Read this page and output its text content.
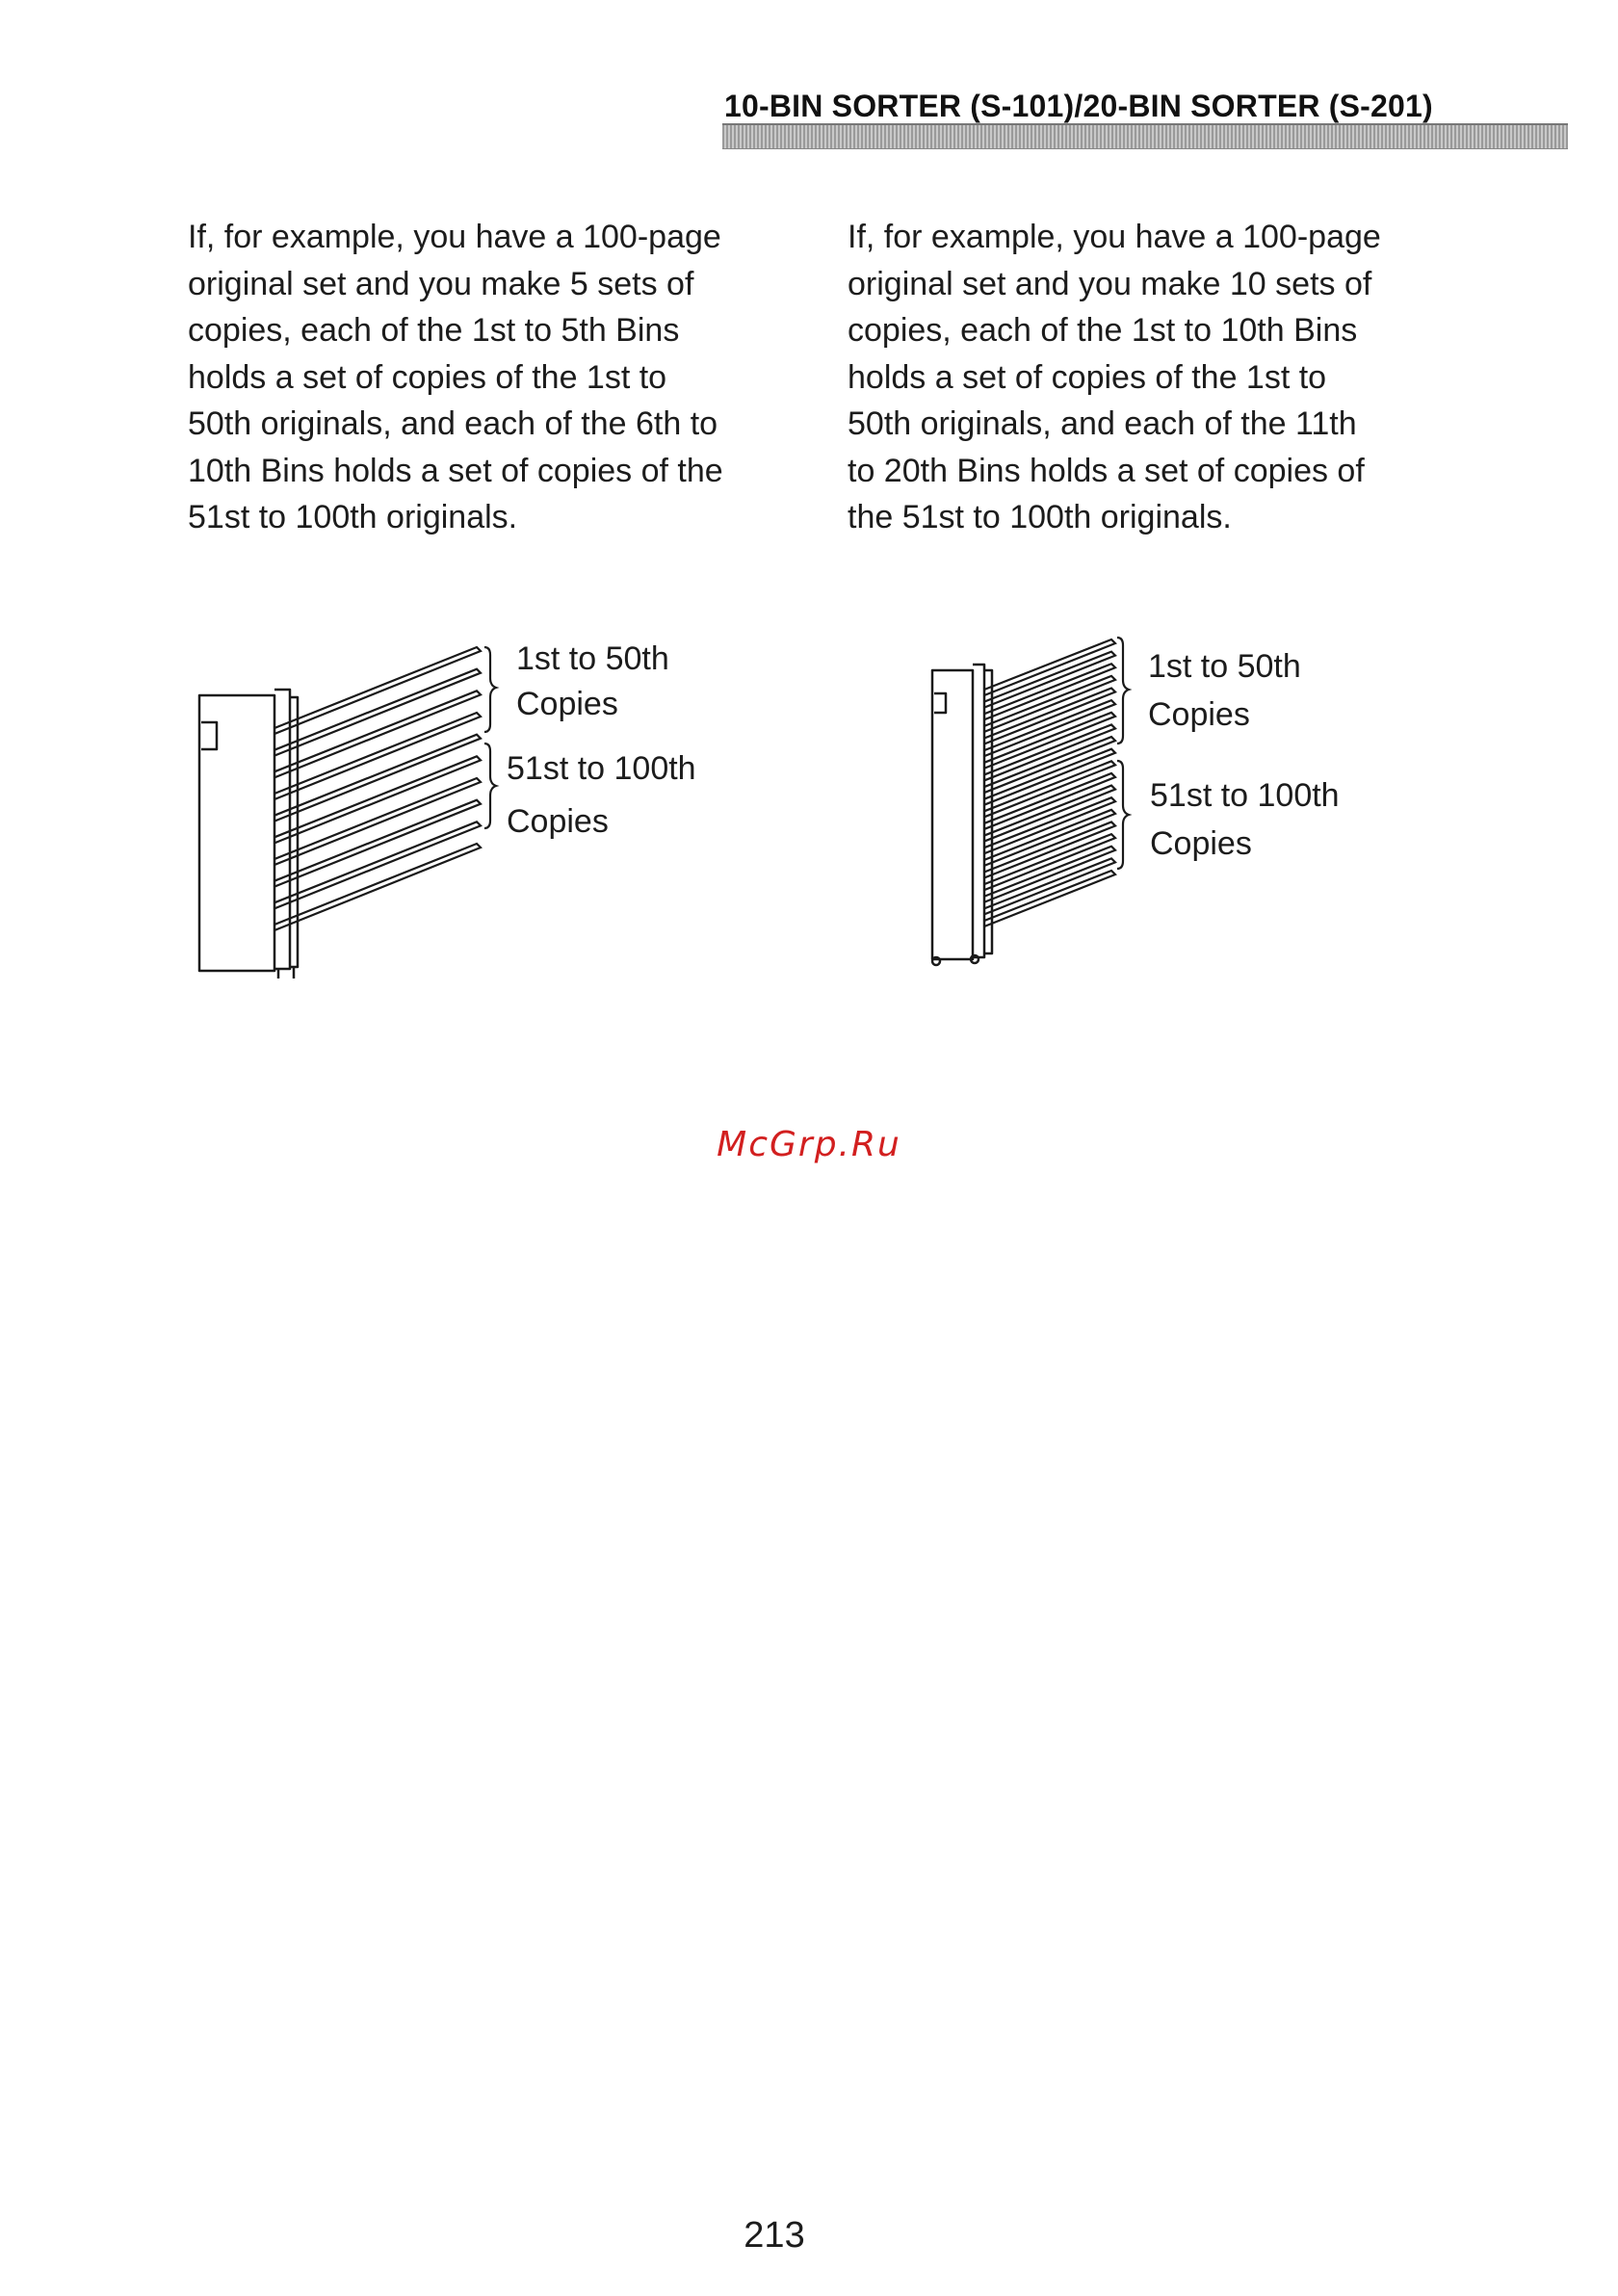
10-BIN SORTER (S-101)/20-BIN SORTER (S-201)
If, for example, you have a 100-page
original set and you make 5 sets of
copies, each of the 1st to 5th Bins
holds a set of copies of the 1st to
50th originals, and each of the 6th to
10th Bins holds a set of copies of the
51st to 100th originals.
If, for example, you have a 100-page
original set and you make 10 sets of
copies, each of the 1st to 10th Bins
holds a set of copies of the 1st to
50th originals, and each of the 11th
to 20th Bins holds a set of copies of
the 51st to 100th originals.
1st to 50th
Copies
51st to 100th
Copies
1st to 50th
Copies
51st to 100th
Copies
McGrp.Ru
213
